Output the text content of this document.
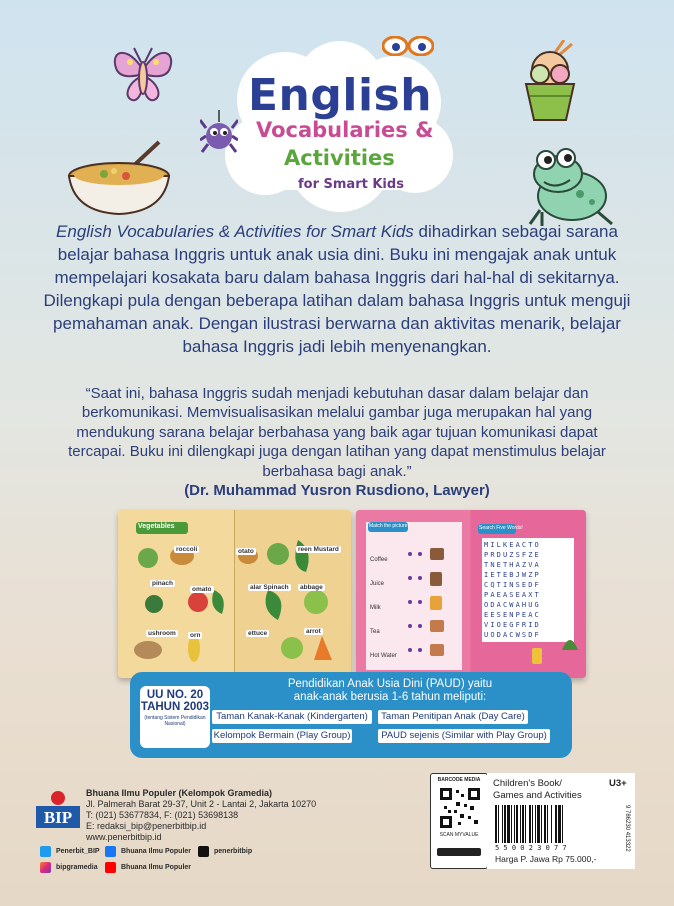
English
Vocabularies &
Activities
for Smart Kids
English Vocabularies & Activities for Smart Kids dihadirkan sebagai sarana belajar bahasa Inggris untuk anak usia dini. Buku ini mengajak anak untuk mempelajari kosakata baru dalam bahasa Inggris dari hal-hal di sekitarnya. Dilengkapi pula dengan beberapa latihan dalam bahasa Inggris untuk menguji pemahaman anak. Dengan ilustrasi berwarna dan aktivitas menarik, belajar bahasa Inggris jadi lebih menyenangkan.
“Saat ini, bahasa Inggris sudah menjadi kebutuhan dasar dalam belajar dan berkomunikasi. Memvisualisasikan melalui gambar juga merupakan hal yang mendukung sarana belajar berbahasa yang baik agar tujuan komunikasi dapat tercapai. Buku ini dilengkapi juga dengan latihan yang dapat menstimulus belajar berbahasa bagi anak.”
(Dr. Muhammad Yusron Rusdiono, Lawyer)
Vegetables
roccoli	otato	reen Mustard
pinach
omato	alar Spinach	abbage
ushroom	ettuce	arrot
orn
Match the picture!	Search Five Words!
Coffee
Juice
Milk
Tea
Hot Water
MILKEACTO
PRDUZSFZE
TNETHAZVA
IETEBJWZP
CQTINSEDF
PAEASEAXT
ODACWAHUG
EESENPEAC
VIOEGFRID
UODACWSDF
UU NO. 20
TAHUN 2003
(tentang Sistem Pendidikan Nasional)
Pendidikan Anak Usia Dini (PAUD) yaitu
anak-anak berusia 1-6 tahun meliputi:
Taman Kanak-Kanak (Kindergarten)	Taman Penitipan Anak (Day Care)
Kelompok Bermain (Play Group)	PAUD sejenis (Similar with Play Group)
BIP
Bhuana Ilmu Populer (Kelompok Gramedia)
Jl. Palmerah Barat 29-37, Unit 2 - Lantai 2, Jakarta 10270
T: (021) 53677834, F: (021) 53698138
E: redaksi_bip@penerbitbip.id
www.penerbitbip.id
Penerbit_BIP	Bhuana Ilmu Populer	penerbitbip
bipgramedia	Bhuana Ilmu Populer
BARCODE MEDIA
SCAN MYVALUE
Children's Book/
Games and Activities
U3+
5 5 0 0 2 3 0 7 7
Harga P. Jawa Rp 75.000,-
9 786230 413322
